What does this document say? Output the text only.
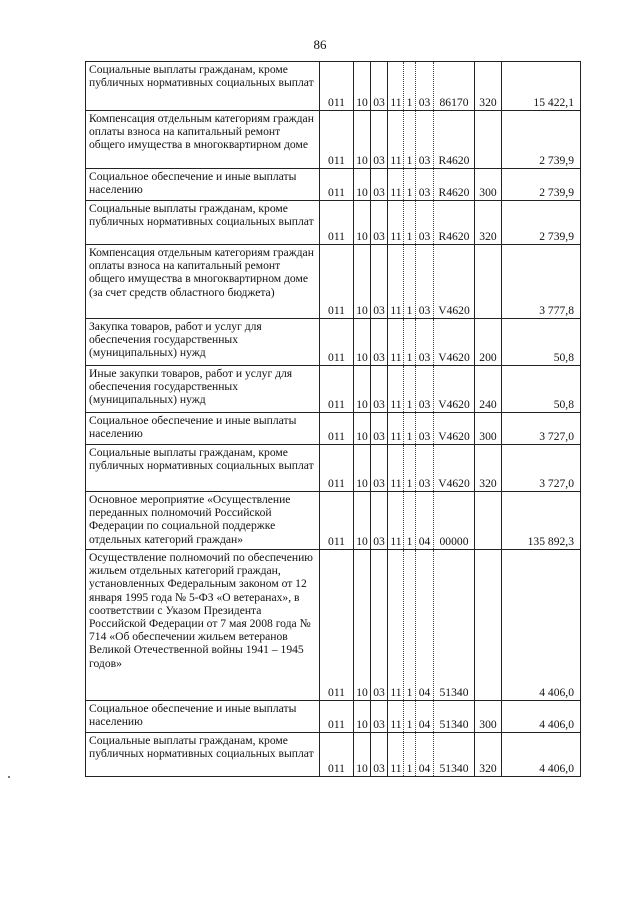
86
Социальные выплаты гражданам, кроме публичных нормативных социальных выплат	011	10	03	11	1	03	86170	320	15 422,1
Компенсация отдельным категориям граждан оплаты взноса на капитальный ремонт общего имущества в многоквартирном доме	011	10	03	11	1	03	R4620		2 739,9
Социальное обеспечение и иные выплаты населению	011	10	03	11	1	03	R4620	300	2 739,9
Социальные выплаты гражданам, кроме публичных нормативных социальных выплат	011	10	03	11	1	03	R4620	320	2 739,9
Компенсация отдельным категориям граждан оплаты взноса на капитальный ремонт общего имущества в многоквартирном доме (за счет средств областного бюджета)	011	10	03	11	1	03	V4620		3 777,8
Закупка товаров, работ и услуг для обеспечения государственных (муниципальных) нужд	011	10	03	11	1	03	V4620	200	50,8
Иные закупки товаров, работ и услуг для обеспечения государственных (муниципальных) нужд	011	10	03	11	1	03	V4620	240	50,8
Социальное обеспечение и иные выплаты населению	011	10	03	11	1	03	V4620	300	3 727,0
Социальные выплаты гражданам, кроме публичных нормативных социальных выплат	011	10	03	11	1	03	V4620	320	3 727,0
Основное мероприятие «Осуществление переданных полномочий Российской Федерации по социальной поддержке отдельных категорий граждан»	011	10	03	11	1	04	00000		135 892,3
Осуществление полномочий по обеспечению жильем отдельных категорий граждан, установленных Федеральным законом от 12 января 1995 года № 5-ФЗ «О ветеранах», в соответствии с Указом Президента Российской Федерации от 7 мая 2008 года № 714 «Об обеспечении жильем ветеранов Великой Отечественной войны 1941 – 1945 годов»	011	10	03	11	1	04	51340		4 406,0
Социальное обеспечение и иные выплаты населению	011	10	03	11	1	04	51340	300	4 406,0
Социальные выплаты гражданам, кроме публичных нормативных социальных выплат	011	10	03	11	1	04	51340	320	4 406,0
